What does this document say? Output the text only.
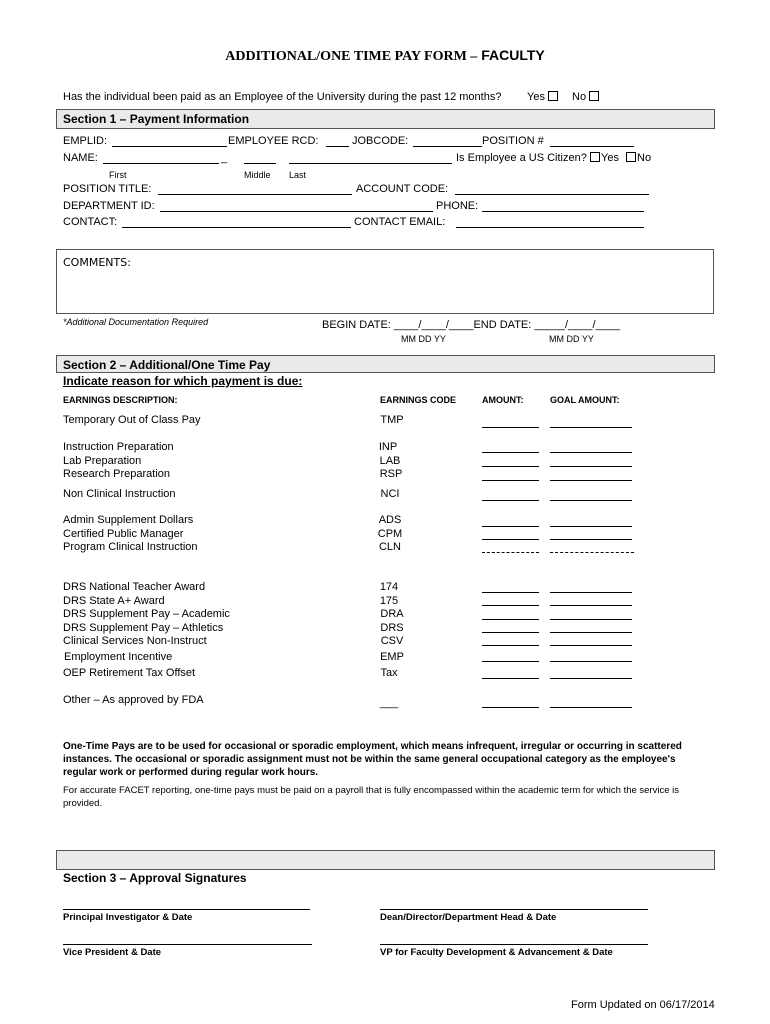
ADDITIONAL/ONE TIME PAY FORM – FACULTY
Has the individual been paid as an Employee of the University during the past 12 months? Yes	No
Section 1 – Payment Information
EMPLID:	EMPLOYEE RCD:	JOBCODE:	POSITION #
NAME:	_	Is Employee a US Citizen?	Yes	No
First	Middle Last
POSITION TITLE:	ACCOUNT CODE:
DEPARTMENT ID:	PHONE:
CONTACT:	CONTACT EMAIL:
COMMENTS:
*Additional Documentation Required	BEGIN DATE: ____/____/____END DATE: _____/____/____
MM DD YY	MM DD YY
Section 2 – Additional/One Time Pay
Indicate reason for which payment is due:
EARNINGS DESCRIPTION:	EARNINGS CODE	AMOUNT:	GOAL AMOUNT:
Temporary Out of Class Pay	TMP
Instruction Preparation	INP
Lab Preparation	LAB
Research Preparation	RSP
Non Clinical Instruction	NCI
Admin Supplement Dollars	ADS
Certified Public Manager	CPM
Program Clinical Instruction	CLN
DRS National Teacher Award	174
DRS State A+ Award	175
DRS Supplement Pay – Academic	DRA
DRS Supplement Pay – Athletics	DRS
Clinical Services Non-Instruct	CSV
Employment Incentive	EMP
OEP Retirement Tax Offset	Tax
Other – As approved by FDA	___
One-Time Pays are to be used for occasional or sporadic employment, which means infrequent, irregular or occurring in scattered instances. The occasional or sporadic assignment must not be within the same general occupational category as the employee's regular work or performed during regular work hours.
For accurate FACET reporting, one-time pays must be paid on a payroll that is fully encompassed within the academic term for which the service is provided.
Section 3 – Approval Signatures
Principal Investigator & Date	Dean/Director/Department Head & Date
Vice President & Date	VP for Faculty Development & Advancement & Date
Form Updated on 06/17/2014
